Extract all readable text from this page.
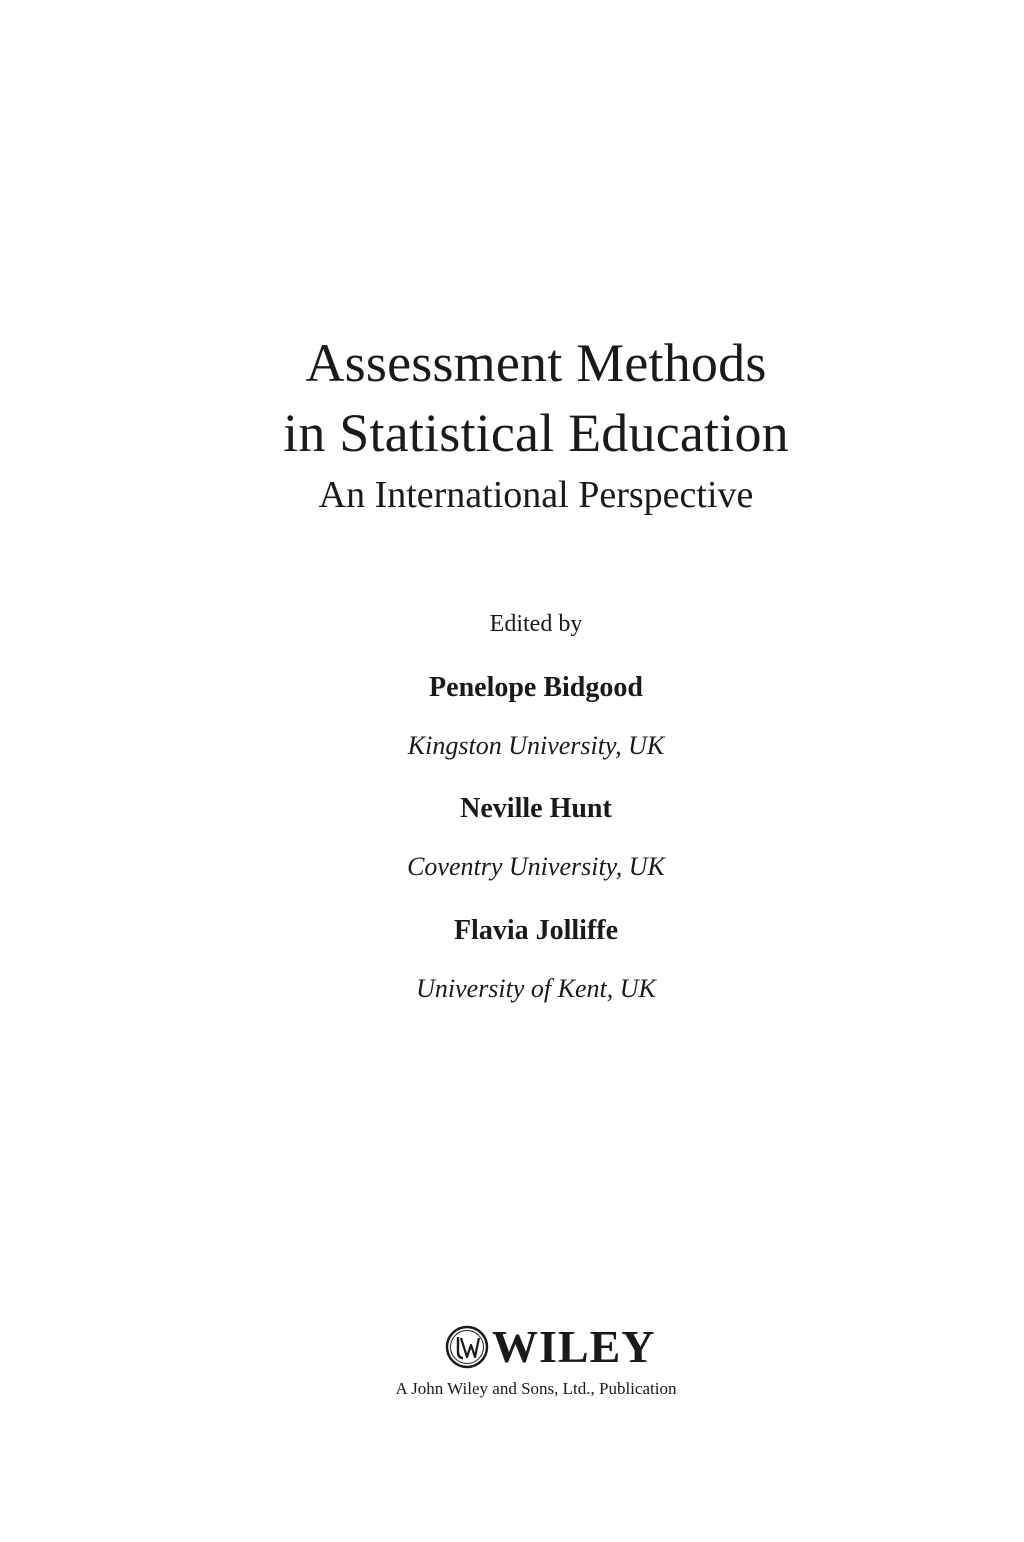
Assessment Methods
in Statistical Education
An International Perspective
Edited by
Penelope Bidgood
Kingston University, UK
Neville Hunt
Coventry University, UK
Flavia Jolliffe
University of Kent, UK
WILEY
A John Wiley and Sons, Ltd., Publication
